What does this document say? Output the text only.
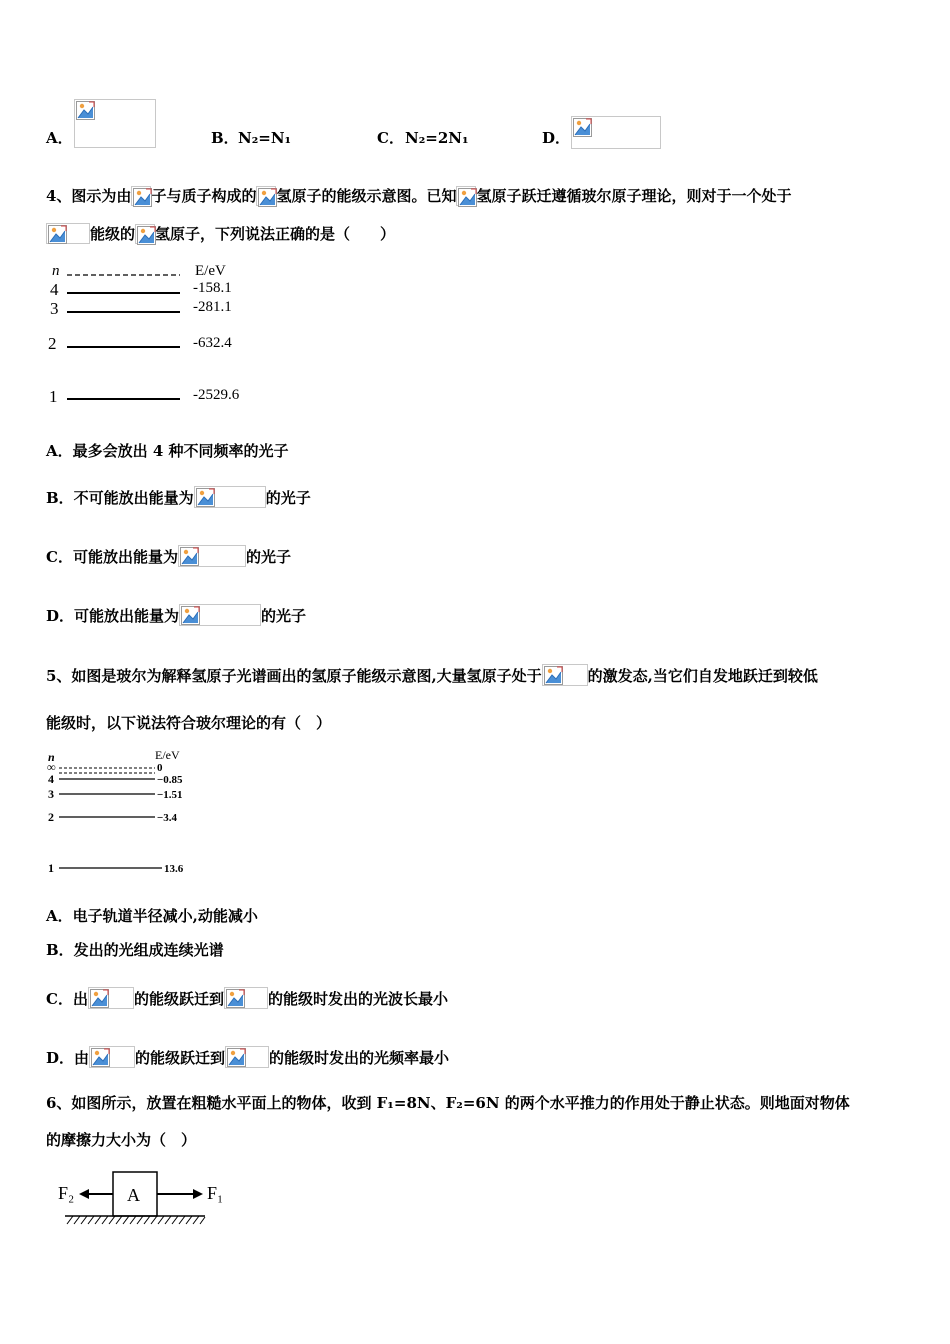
A．	B． N₂=N₁	C． N₂=2N₁	D．
4、图示为由 子与质子构成的 氢原子的能级示意图。已知 氢原子跃迁遵循玻尔原子理论，则对于一个处于
能级的 氢原子，下列说法正确的是（　　）
n	E/eV
4	-158.1
3	-281.1
2	-632.4
1	-2529.6
A．最多会放出 4 种不同频率的光子
B．不可能放出能量为	的光子
C．可能放出能量为	的光子
D．可能放出能量为	的光子
5、如图是玻尔为解释氢原子光谱画出的氢原子能级示意图,大量氢原子处于	的激发态,当它们自发地跃迁到较低
能级时，以下说法符合玻尔理论的有（　）
n	E/eV
∞	0
4	−0.85
3	−1.51
2	−3.4
1	13.6
A．电子轨道半径减小,动能减小
B．发出的光组成连续光谱
C．出	的能级跃迁到	的能级时发出的光波长最小
D．由	的能级跃迁到	的能级时发出的光频率最小
6、如图所示，放置在粗糙水平面上的物体，收到 F₁=8N、F₂=6N 的两个水平推力的作用处于静止状态。则地面对物体
的摩擦力大小为（　）
F₂	A	F₁
